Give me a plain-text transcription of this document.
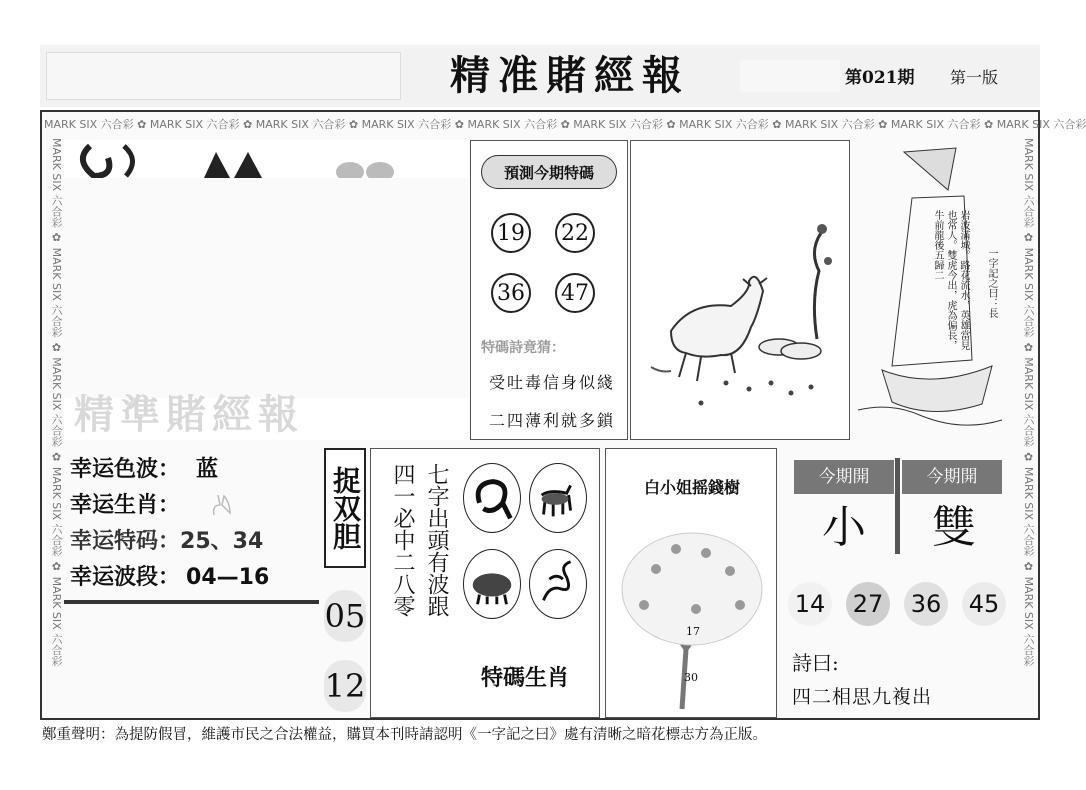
精准賭經報	第021期	第一版
MARK SIX 六合彩 ✿ MARK SIX 六合彩 ✿ MARK SIX 六合彩 ✿ MARK SIX 六合彩 ✿ MARK SIX 六合彩 ✿ MARK SIX 六合彩 ✿ MARK SIX 六合彩 ✿ MARK SIX 六合彩 ✿ MARK SIX 六合彩 ✿ MARK SIX 六合彩
MARK SIX 六合彩 ✿ MARK SIX 六合彩 ✿ MARK SIX 六合彩 ✿ MARK SIX 六合彩 ✿ MARK SIX 六合彩
MARK SIX 六合彩 ✿ MARK SIX 六合彩 ✿ MARK SIX 六合彩 ✿ MARK SIX 六合彩 ✿ MARK SIX 六合彩
精準賭經報
預測今期特碼
19 22
36 47
特碼詩竟猜：
受吐毒信身似綫
二四薄利就多鎖
岩波滿城。路花流水，英雄當見也常人。雙虎今出，虎為偏長，牛前龍後五歸二
一字記之曰：長
幸运色波： 蓝
幸运生肖：
幸运特码：25、34
幸运波段： 04—16
捉双胆
05
12
七字出頭有波跟
四一必中二八零
特碼生肖
白小姐摇錢樹
17
30
今期開	今期開
小	雙
14 27 36 45
詩曰:
四二相思九複出
鄭重聲明：為提防假冒，維護市民之合法權益，購買本刊時請認明《一字記之曰》處有清晰之暗花標志方為正版。
